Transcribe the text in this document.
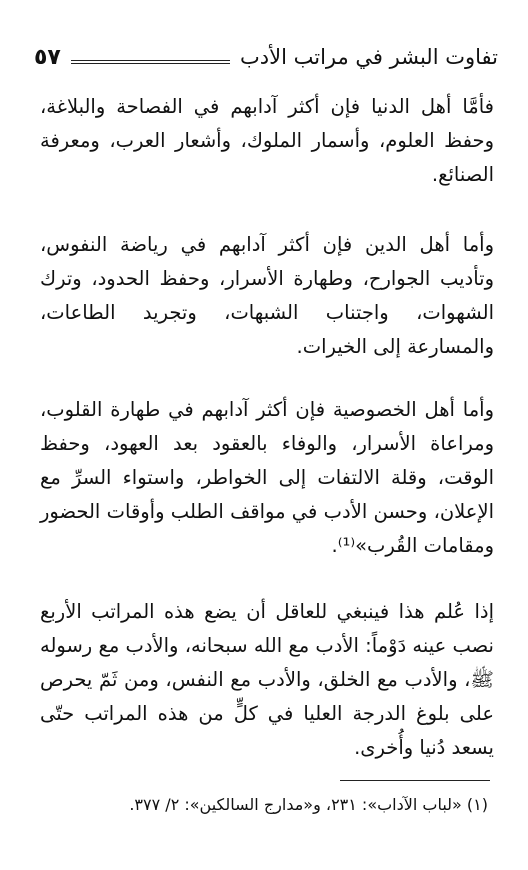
تفاوت البشر في مراتب الأدب
٥٧

فأمَّا أهل الدنيا فإن أكثر آدابهم في الفصاحة والبلاغة، وحفظ العلوم، وأسمار الملوك، وأشعار العرب، ومعرفة الصنائع.

وأما أهل الدين فإن أكثر آدابهم في رياضة النفوس، وتأديب الجوارح، وطهارة الأسرار، وحفظ الحدود، وترك الشهوات، واجتناب الشبهات، وتجريد الطاعات، والمسارعة إلى الخيرات.

وأما أهل الخصوصية فإن أكثر آدابهم في طهارة القلوب، ومراعاة الأسرار، والوفاء بالعقود بعد العهود، وحفظ الوقت، وقلة الالتفات إلى الخواطر، واستواء السرِّ مع الإعلان، وحسن الأدب في مواقف الطلب وأوقات الحضور ومقامات القُرب»⁽¹⁾.

إذا عُلم هذا فينبغي للعاقل أن يضع هذه المراتب الأربع نصب عينه دَوْماً: الأدب مع الله سبحانه، والأدب مع رسوله ﷺ، والأدب مع الخلق، والأدب مع النفس، ومن ثَمّ يحرص على بلوغ الدرجة العليا في كلٍّ من هذه المراتب حتّى يسعد دُنيا وأُخرى.

(١) «لباب الآداب»: ٢٣١، و«مدارج السالكين»: ٢/ ٣٧٧.
